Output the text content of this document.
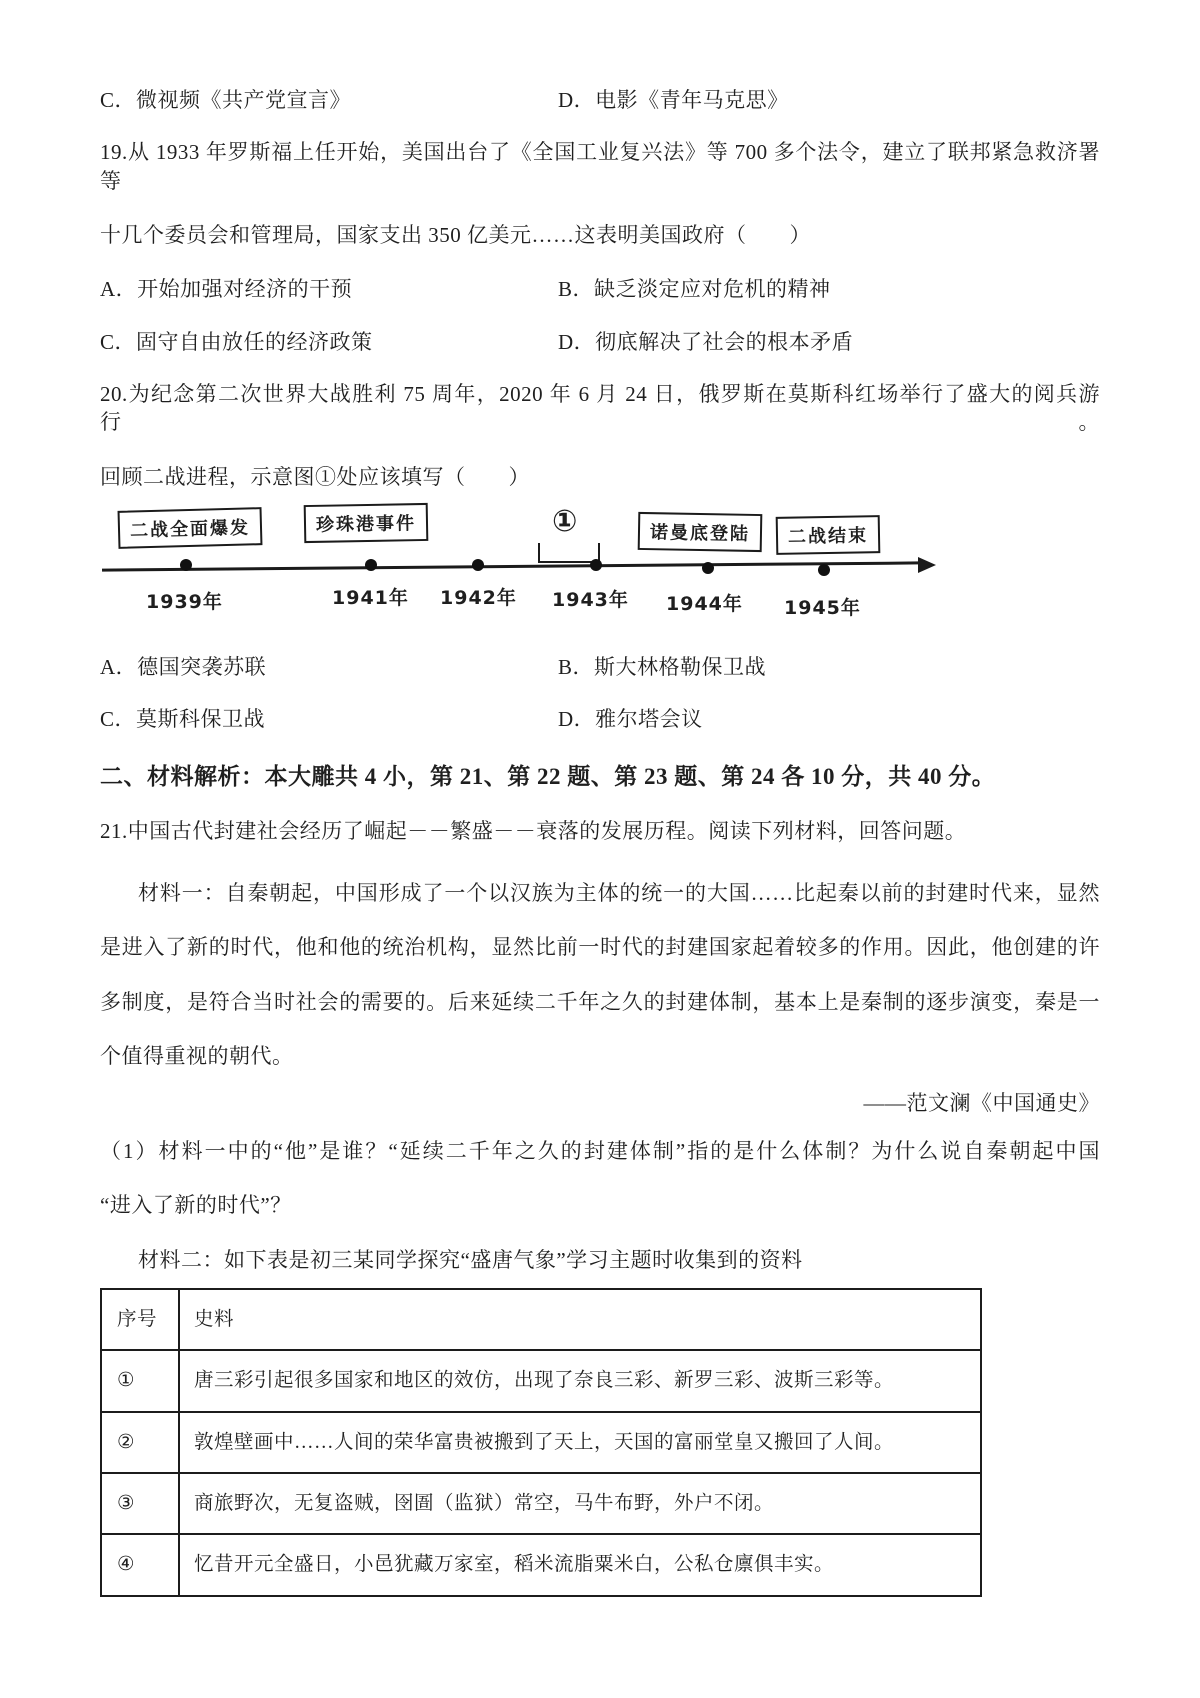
C．微视频《共产党宣言》	D．电影《青年马克思》
19.从 1933 年罗斯福上任开始，美国出台了《全国工业复兴法》等 700 多个法令，建立了联邦紧急救济署等
十几个委员会和管理局，国家支出 350 亿美元……这表明美国政府（　　）
A．开始加强对经济的干预	B．缺乏淡定应对危机的精神
C．固守自由放任的经济政策	D．彻底解决了社会的根本矛盾
20.为纪念第二次世界大战胜利 75 周年，2020 年 6 月 24 日，俄罗斯在莫斯科红场举行了盛大的阅兵游行。
回顾二战进程，示意图①处应该填写（　　）
二战全面爆发	珍珠港事件	①	诺曼底登陆	二战结束
1939年	1941年 1942年 1943年 1944年 1945年
A．德国突袭苏联	B．斯大林格勒保卫战
C．莫斯科保卫战	D．雅尔塔会议
二、材料解析：本大雕共 4 小，第 21、第 22 题、第 23 题、第 24 各 10 分，共 40 分。
21.中国古代封建社会经历了崛起－－繁盛－－衰落的发展历程。阅读下列材料，回答问题。
材料一：自秦朝起，中国形成了一个以汉族为主体的统一的大国……比起秦以前的封建时代来，显然
是进入了新的时代，他和他的统治机构，显然比前一时代的封建国家起着较多的作用。因此，他创建的许
多制度，是符合当时社会的需要的。后来延续二千年之久的封建体制，基本上是秦制的逐步演变，秦是一
个值得重视的朝代。
——范文澜《中国通史》
（1）材料一中的“他”是谁？“延续二千年之久的封建体制”指的是什么体制？为什么说自秦朝起中国
“进入了新的时代”？
材料二：如下表是初三某同学探究“盛唐气象”学习主题时收集到的资料
序号	史料
①	唐三彩引起很多国家和地区的效仿，出现了奈良三彩、新罗三彩、波斯三彩等。
②	敦煌壁画中……人间的荣华富贵被搬到了天上，天国的富丽堂皇又搬回了人间。
③	商旅野次，无复盗贼，囹圄（监狱）常空，马牛布野，外户不闭。
④	忆昔开元全盛日，小邑犹藏万家室，稻米流脂粟米白，公私仓廪俱丰实。
